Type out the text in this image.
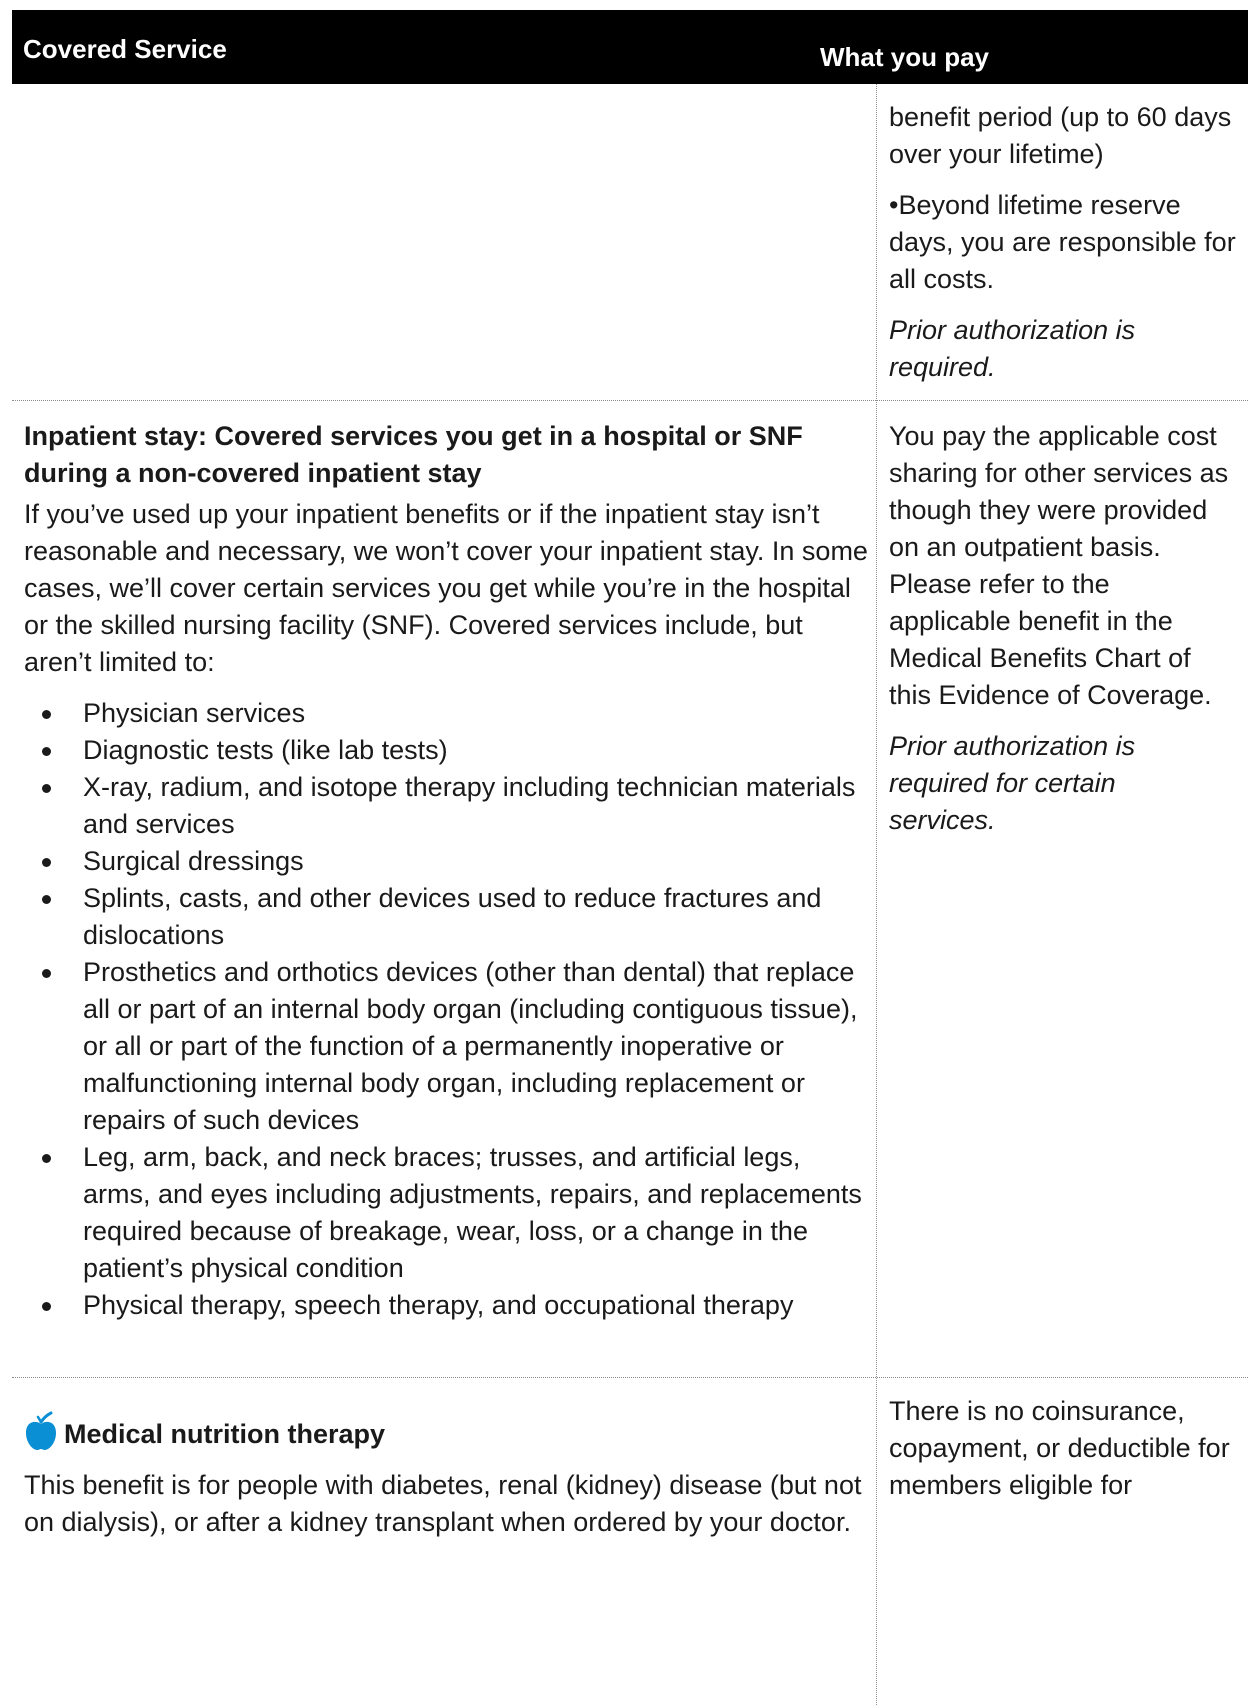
Covered Service	What you pay

benefit period (up to 60 days over your lifetime)

•Beyond lifetime reserve days, you are responsible for all costs.

Prior authorization is required.

Inpatient stay: Covered services you get in a hospital or SNF during a non-covered inpatient stay

If you’ve used up your inpatient benefits or if the inpatient stay isn’t reasonable and necessary, we won’t cover your inpatient stay. In some cases, we’ll cover certain services you get while you’re in the hospital or the skilled nursing facility (SNF). Covered services include, but aren’t limited to:

Physician services
Diagnostic tests (like lab tests)
X-ray, radium, and isotope therapy including technician materials and services
Surgical dressings
Splints, casts, and other devices used to reduce fractures and dislocations
Prosthetics and orthotics devices (other than dental) that replace all or part of an internal body organ (including contiguous tissue), or all or part of the function of a permanently inoperative or malfunctioning internal body organ, including replacement or repairs of such devices
Leg, arm, back, and neck braces; trusses, and artificial legs, arms, and eyes including adjustments, repairs, and replacements required because of breakage, wear, loss, or a change in the patient’s physical condition
Physical therapy, speech therapy, and occupational therapy

You pay the applicable cost sharing for other services as though they were provided on an outpatient basis. Please refer to the applicable benefit in the Medical Benefits Chart of this Evidence of Coverage.

Prior authorization is required for certain services.

Medical nutrition therapy

This benefit is for people with diabetes, renal (kidney) disease (but not on dialysis), or after a kidney transplant when ordered by your doctor.

There is no coinsurance, copayment, or deductible for members eligible for
